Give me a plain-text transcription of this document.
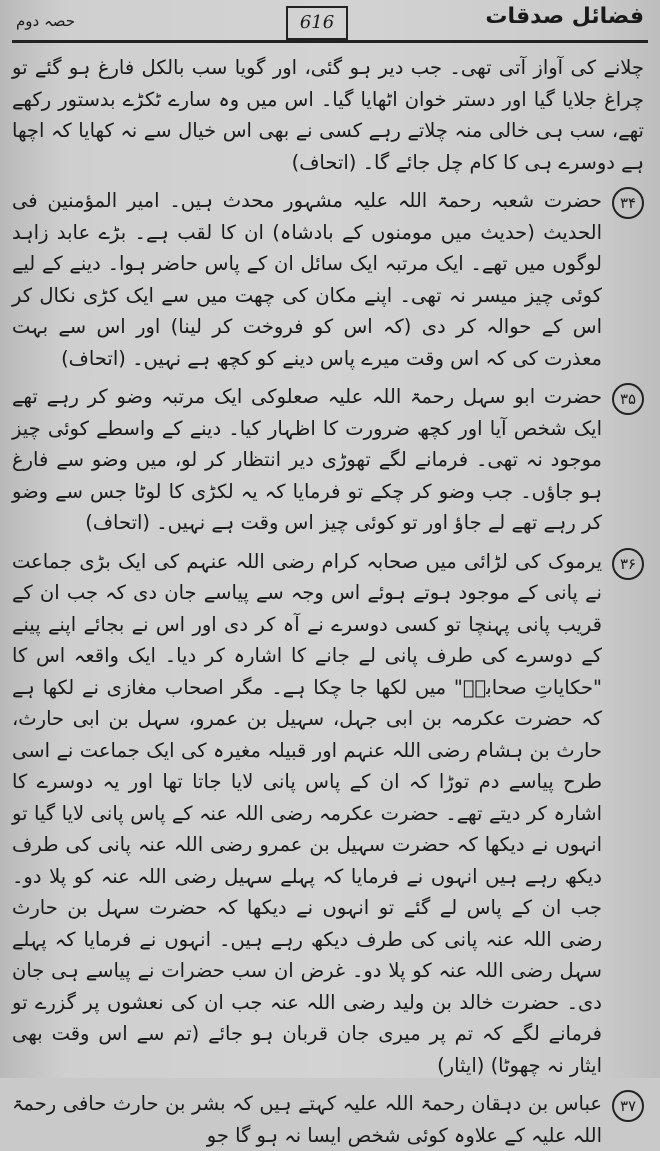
فضائل صدقات
616
حصہ دوم

چلانے کی آواز آتی تھی۔ جب دیر ہو گئی، اور گویا سب بالکل فارغ ہو گئے تو چراغ جلایا گیا اور دستر خوان اٹھایا گیا۔ اس میں وہ سارے ٹکڑے بدستور رکھے تھے، سب ہی خالی منہ چلاتے رہے کسی نے بھی اس خیال سے نہ کھایا کہ اچھا ہے دوسرے ہی کا کام چل جائے گا۔ (اتحاف)

۳۴
حضرت شعبہ رحمۃ اللہ علیہ مشہور محدث ہیں۔ امیر المؤمنین فی الحدیث (حدیث میں مومنوں کے بادشاہ) ان کا لقب ہے۔ بڑے عابد زاہد لوگوں میں تھے۔ ایک مرتبہ ایک سائل ان کے پاس حاضر ہوا۔ دینے کے لیے کوئی چیز میسر نہ تھی۔ اپنے مکان کی چھت میں سے ایک کڑی نکال کر اس کے حوالہ کر دی (کہ اس کو فروخت کر لینا) اور اس سے بہت معذرت کی کہ اس وقت میرے پاس دینے کو کچھ ہے نہیں۔ (اتحاف)

۳۵
حضرت ابو سہل رحمۃ اللہ علیہ صعلوکی ایک مرتبہ وضو کر رہے تھے ایک شخص آیا اور کچھ ضرورت کا اظہار کیا۔ دینے کے واسطے کوئی چیز موجود نہ تھی۔ فرمانے لگے تھوڑی دیر انتظار کر لو، میں وضو سے فارغ ہو جاؤں۔ جب وضو کر چکے تو فرمایا کہ یہ لکڑی کا لوٹا جس سے وضو کر رہے تھے لے جاؤ اور تو کوئی چیز اس وقت ہے نہیں۔ (اتحاف)

۳۶
یرموک کی لڑائی میں صحابہ کرام رضی اللہ عنہم کی ایک بڑی جماعت نے پانی کے موجود ہوتے ہوئے اس وجہ سے پیاسے جان دی کہ جب ان کے قریب پانی پہنچا تو کسی دوسرے نے آہ کر دی اور اس نے بجائے اپنے پینے کے دوسرے کی طرف پانی لے جانے کا اشارہ کر دیا۔ ایک واقعہ اس کا "حکایاتِ صحابہؓ" میں لکھا جا چکا ہے۔ مگر اصحاب مغازی نے لکھا ہے کہ حضرت عکرمہ بن ابی جہل، سہیل بن عمرو، سہل بن ابی حارث، حارث بن ہشام رضی اللہ عنہم اور قبیلہ مغیرہ کی ایک جماعت نے اسی طرح پیاسے دم توڑا کہ ان کے پاس پانی لایا جاتا تھا اور یہ دوسرے کا اشارہ کر دیتے تھے۔ حضرت عکرمہ رضی اللہ عنہ کے پاس پانی لایا گیا تو انہوں نے دیکھا کہ حضرت سہیل بن عمرو رضی اللہ عنہ پانی کی طرف دیکھ رہے ہیں انہوں نے فرمایا کہ پہلے سہیل رضی اللہ عنہ کو پلا دو۔ جب ان کے پاس لے گئے تو انہوں نے دیکھا کہ حضرت سہل بن حارث رضی اللہ عنہ پانی کی طرف دیکھ رہے ہیں۔ انہوں نے فرمایا کہ پہلے سہل رضی اللہ عنہ کو پلا دو۔ غرض ان سب حضرات نے پیاسے ہی جان دی۔ حضرت خالد بن ولید رضی اللہ عنہ جب ان کی نعشوں پر گزرے تو فرمانے لگے کہ تم پر میری جان قربان ہو جائے (تم سے اس وقت بھی ایثار نہ چھوٹا) (ایثار)

۳۷
عباس بن دہقان رحمۃ اللہ علیہ کہتے ہیں کہ بشر بن حارث حافی رحمۃ اللہ علیہ کے علاوہ کوئی شخص ایسا نہ ہو گا جو
